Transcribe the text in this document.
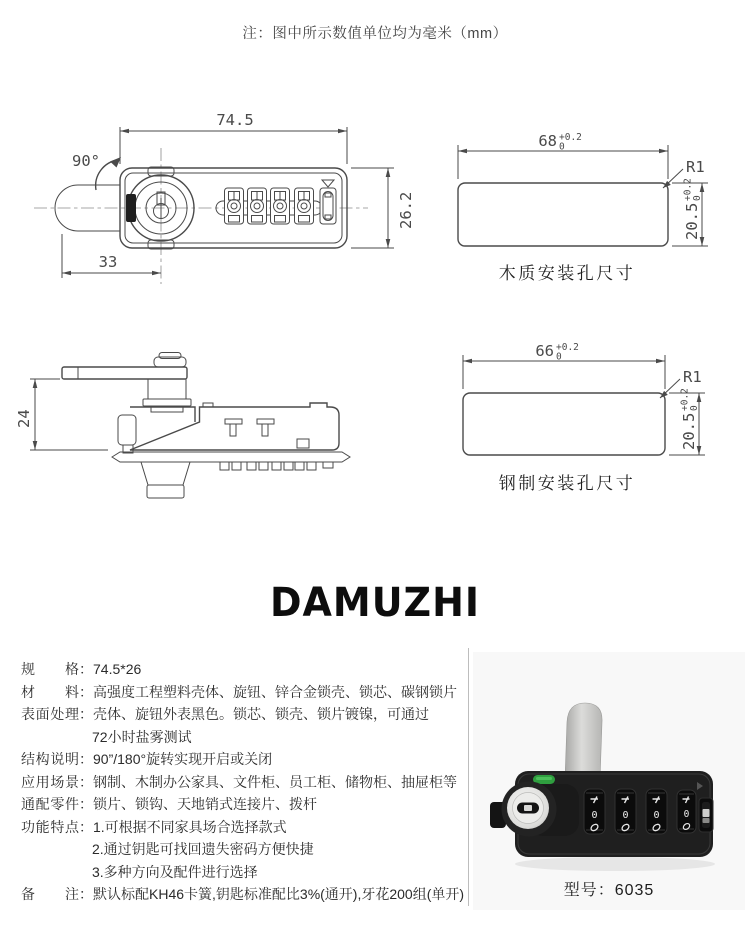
注：图中所示数值单位均为毫米（mm）
74.5
26.2
33
90°
68 +0.2
0
R1
20.5
+0.2
0
木质安装孔尺寸
24
66 +0.2
0
R1
20.5
+0.2
0
钢制安装孔尺寸
DAMUZHI
规格 ： 74.5*26
材料 ： 高强度工程塑料壳体、旋钮、锌合金锁壳、锁芯、碳钢锁片
表面处理 ： 壳体、旋钮外表黑色。锁芯、锁壳、锁片镀镍，可通过
72小时盐雾测试
结构说明 ： 90”/180°旋转实现开启或关闭
应用场景 ： 钢制、木制办公家具、文件柜、员工柜、储物柜、抽屉柜等
通配零件 ： 锁片、锁钩、天地销式连接片、拨杆
功能特点 ： 1.可根据不同家具场合选择款式
2.通过钥匙可找回遗失密码方便快捷
3.多种方向及配件进行选择
备注 ： 默认标配KH46卡簧,钥匙标准配比3%(通开),牙花200组(单开)
0 0 0	0
型号：6035
